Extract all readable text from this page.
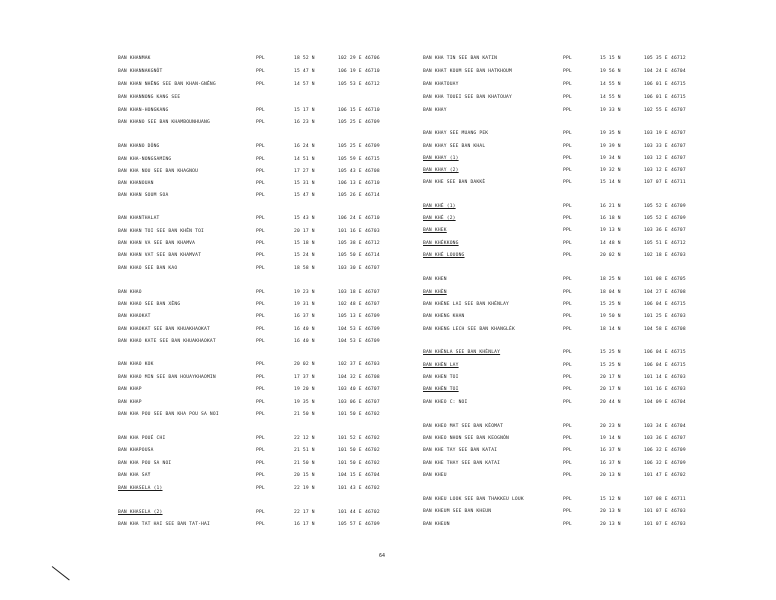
BAN KHANMAK	PPL	18 52 N	102 29 E 46706
BAN KHANNAKGNÔT	PPL	15 47 N	106 19 E 46710
BAN KHAN NHÊNG SEE BAN KHAN-GNÊNG	PPL	14 57 N	105 53 E 46712
BAN KHANNONG KANG SEE
BAN KHAN-HONGKANG	PPL	15 17 N	106 15 E 46710
BAN KHANO SEE BAN KHAMBOUNHUANG	PPL	16 23 N	105 25 E 46709
BAN KHANO DÔNG	PPL	16 24 N	105 25 E 46709
BAN KHA-NONGSAMING	PPL	14 51 N	105 59 E 46715
BAN KHA NOU SEE BAN KHAGNOU	PPL	17 27 N	105 43 E 46708
BAN KHANOUAN	PPL	15 31 N	106 13 E 46710
BAN KHAN SOUM SOA	PPL	15 47 N	105 26 E 46714
BAN KHANTHALAT	PPL	15 43 N	106 24 E 46710
BAN KHAN TOI SEE BAN KHÊN TOI	PPL	20 17 N	101 16 E 46703
BAN KHAN VA SEE BAN KHAMVA	PPL	15 18 N	105 38 E 46712
BAN KHAN VAT SEE BAN KHAMVAT	PPL	15 24 N	105 50 E 46714
BAN KHAO SEE BAN KAO	PPL	18 58 N	103 30 E 46707
BAN KHAO	PPL	19 23 N	103 18 E 46707
BAN KHAO SEE BAN XÊNG	PPL	19 31 N	102 48 E 46707
BAN KHAOKAT	PPL	16 37 N	105 13 E 46709
BAN KHAOKAT SEE BAN KHUAKHAOKAT	PPL	16 40 N	104 53 E 46709
BAN KHAO KATE SEE BAN KHUAKHAOKAT	PPL	16 40 N	104 53 E 46709
BAN KHAO KOK	PPL	20 02 N	102 37 E 46703
BAN KHAO MIN SEE BAN HOUAYKHAOMIN	PPL	17 37 N	104 32 E 46708
BAN KHAP	PPL	19 20 N	103 40 E 46707
BAN KHAP	PPL	19 35 N	103 06 E 46707
BAN KHA POU SEE BAN KHA POU SA NOI	PPL	21 50 N	101 50 E 46702
BAN KHA POUÉ CHI	PPL	22 12 N	101 52 E 46702
BAN KHAPOUSA	PPL	21 51 N	101 50 E 46702
BAN KHA POU SA NOI	PPL	21 50 N	101 50 E 46702
BAN KHA SAŸ	PPL	20 15 N	104 15 E 46704
BAN KHASELA (1)	PPL	22 19 N	101 43 E 46702
BAN KHASELA (2)	PPL	22 17 N	101 44 E 46702
BAN KHA TAT HAI SEE BAN TAT-HAI	PPL	16 17 N	105 57 E 46709
BAN KHA TIN SEE BAN KATIN	PPL	15 15 N	105 35 E 46712
BAN KHAT KOUM SEE BAN HATKHOUM	PPL	19 56 N	104 24 E 46704
BAN KHATOUAY	PPL	14 55 N	106 01 E 46715
BAN KHA TOUEI SEE BAN KHATOUAY	PPL	14 55 N	106 01 E 46715
BAN KHAY	PPL	19 33 N	102 55 E 46707
BAN KHAY SEE MUANG PEK	PPL	19 35 N	103 19 E 46707
BAN KHAY SEE BAN KHAL	PPL	19 39 N	103 33 E 46707
BAN KHAY (1)	PPL	19 34 N	103 12 E 46707
BAN KHAY (2)	PPL	19 32 N	103 12 E 46707
BAN KHE SEE BAN DAKKÈ	PPL	15 14 N	107 07 E 46711
BAN KHÉ (1)	PPL	16 21 N	105 52 E 46709
BAN KHÉ (2)	PPL	16 18 N	105 52 E 46709
BAN KHEK	PPL	19 13 N	103 36 E 46707
BAN KHÉKKONG	PPL	14 48 N	105 51 E 46712
BAN KHÉ LOUONG	PPL	20 02 N	102 18 E 46703
BAN KHEN	PPL	18 25 N	101 08 E 46705
BAN KHÈN	PPL	18 04 N	104 27 E 46708
BAN KHÈNE LAI SEE BAN KHÈNLAY	PPL	15 25 N	106 04 E 46715
BAN KHENG KHAN	PPL	19 50 N	101 25 E 46703
BAN KHENG LECH SEE BAN KHANGLÈK	PPL	18 14 N	104 58 E 46708
BAN KHÈNLA SEE BAN KHÈNLAY	PPL	15 25 N	106 04 E 46715
BAN KHÈN LAY	PPL	15 25 N	106 04 E 46715
BAN KHEN TOI	PPL	20 17 N	101 14 E 46703
BAN KHÈN TOI	PPL	20 17 N	101 16 E 46703
BAN KHEO C: NOI	PPL	20 44 N	104 09 E 46704
BAN KHEO MAT SEE BAN KÈOMAT	PPL	20 23 N	103 34 E 46704
BAN KHEO NHON SEE BAN KEOGNÔN	PPL	19 14 N	103 36 E 46707
BAN KHE TAY SEE BAN KATAI	PPL	16 37 N	106 32 E 46709
BAN KHE THAY SEE BAN KATAI	PPL	16 37 N	106 32 E 46709
BAN KHEU	PPL	20 13 N	101 47 E 46702
BAN KHEU LOOK SEE BAN THAKKEU LOUK	PPL	15 12 N	107 08 E 46711
BAN KHEUM SEE BAN KHEUN	PPL	20 13 N	101 07 E 46703
BAN KHEUN	PPL	20 13 N	101 07 E 46703
64
